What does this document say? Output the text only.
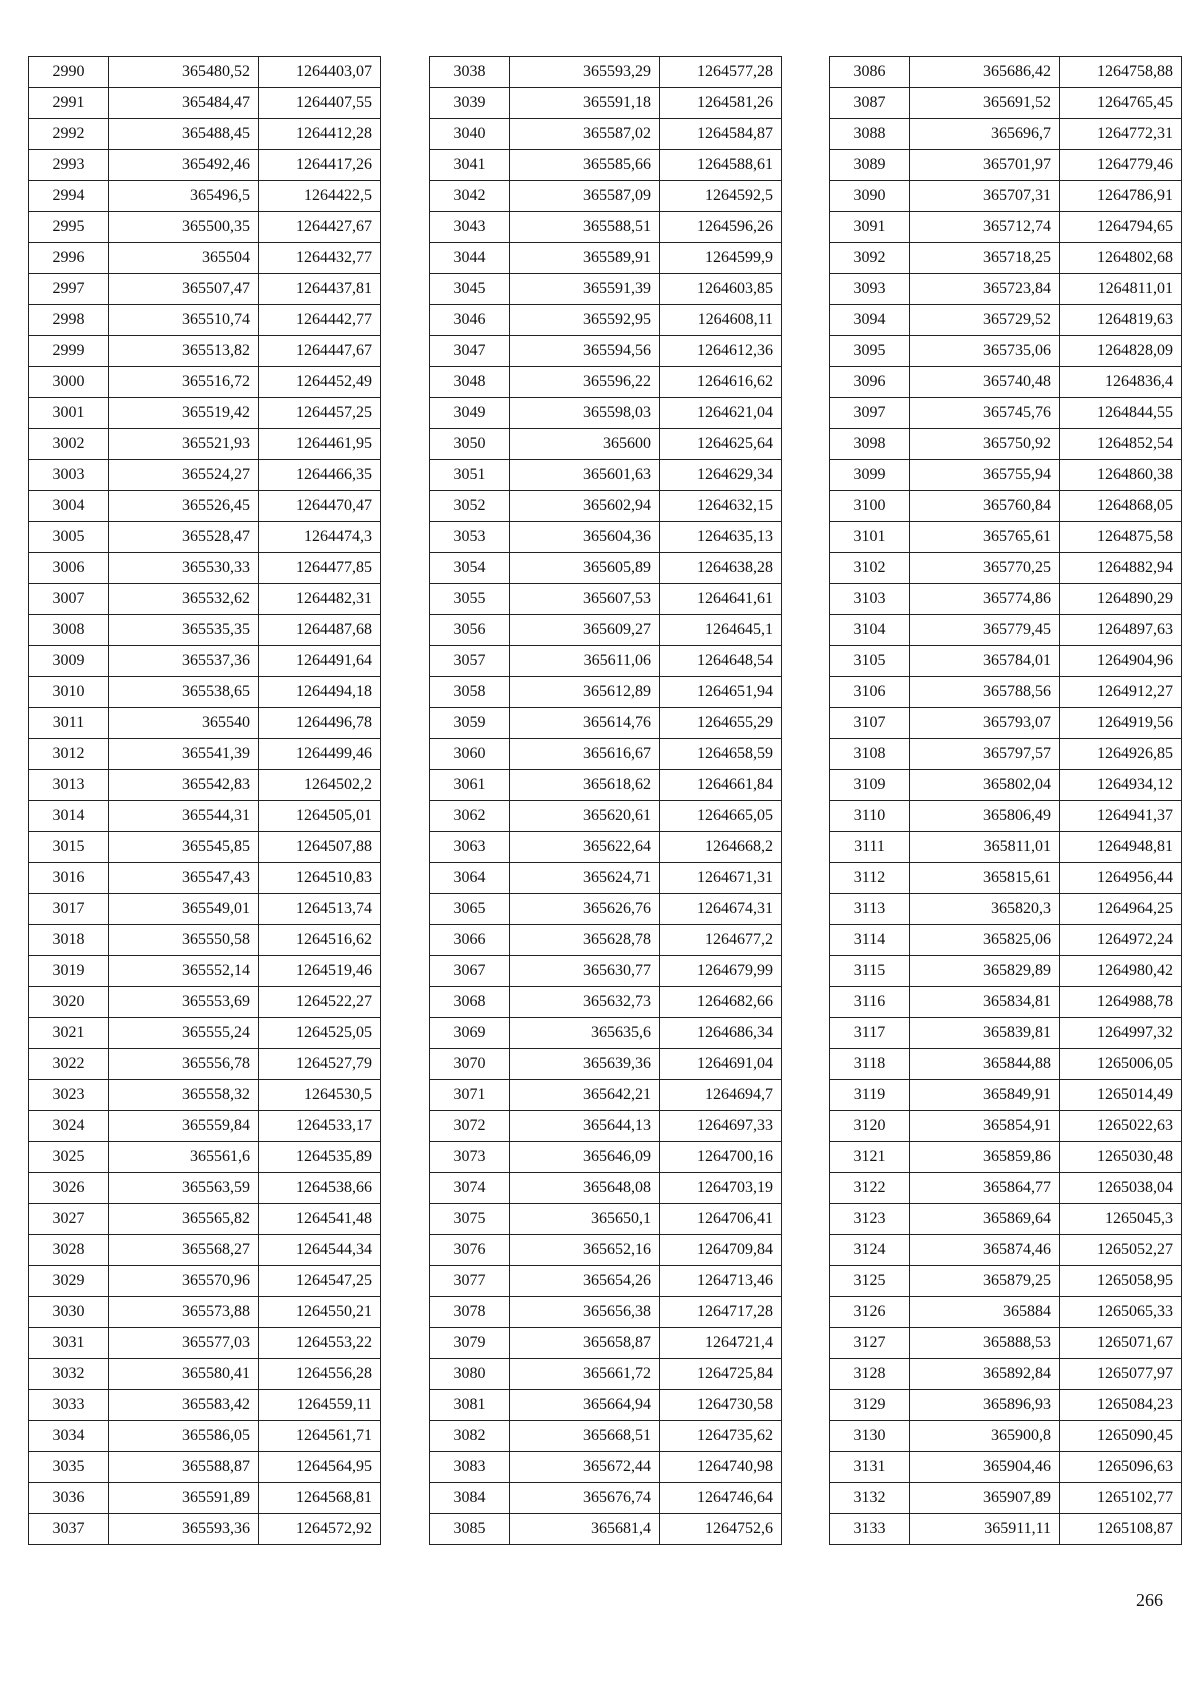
2990	365480,52	1264403,07
2991	365484,47	1264407,55
2992	365488,45	1264412,28
2993	365492,46	1264417,26
2994	365496,5	1264422,5
2995	365500,35	1264427,67
2996	365504	1264432,77
2997	365507,47	1264437,81
2998	365510,74	1264442,77
2999	365513,82	1264447,67
3000	365516,72	1264452,49
3001	365519,42	1264457,25
3002	365521,93	1264461,95
3003	365524,27	1264466,35
3004	365526,45	1264470,47
3005	365528,47	1264474,3
3006	365530,33	1264477,85
3007	365532,62	1264482,31
3008	365535,35	1264487,68
3009	365537,36	1264491,64
3010	365538,65	1264494,18
3011	365540	1264496,78
3012	365541,39	1264499,46
3013	365542,83	1264502,2
3014	365544,31	1264505,01
3015	365545,85	1264507,88
3016	365547,43	1264510,83
3017	365549,01	1264513,74
3018	365550,58	1264516,62
3019	365552,14	1264519,46
3020	365553,69	1264522,27
3021	365555,24	1264525,05
3022	365556,78	1264527,79
3023	365558,32	1264530,5
3024	365559,84	1264533,17
3025	365561,6	1264535,89
3026	365563,59	1264538,66
3027	365565,82	1264541,48
3028	365568,27	1264544,34
3029	365570,96	1264547,25
3030	365573,88	1264550,21
3031	365577,03	1264553,22
3032	365580,41	1264556,28
3033	365583,42	1264559,11
3034	365586,05	1264561,71
3035	365588,87	1264564,95
3036	365591,89	1264568,81
3037	365593,36	1264572,92
3038	365593,29	1264577,28
3039	365591,18	1264581,26
3040	365587,02	1264584,87
3041	365585,66	1264588,61
3042	365587,09	1264592,5
3043	365588,51	1264596,26
3044	365589,91	1264599,9
3045	365591,39	1264603,85
3046	365592,95	1264608,11
3047	365594,56	1264612,36
3048	365596,22	1264616,62
3049	365598,03	1264621,04
3050	365600	1264625,64
3051	365601,63	1264629,34
3052	365602,94	1264632,15
3053	365604,36	1264635,13
3054	365605,89	1264638,28
3055	365607,53	1264641,61
3056	365609,27	1264645,1
3057	365611,06	1264648,54
3058	365612,89	1264651,94
3059	365614,76	1264655,29
3060	365616,67	1264658,59
3061	365618,62	1264661,84
3062	365620,61	1264665,05
3063	365622,64	1264668,2
3064	365624,71	1264671,31
3065	365626,76	1264674,31
3066	365628,78	1264677,2
3067	365630,77	1264679,99
3068	365632,73	1264682,66
3069	365635,6	1264686,34
3070	365639,36	1264691,04
3071	365642,21	1264694,7
3072	365644,13	1264697,33
3073	365646,09	1264700,16
3074	365648,08	1264703,19
3075	365650,1	1264706,41
3076	365652,16	1264709,84
3077	365654,26	1264713,46
3078	365656,38	1264717,28
3079	365658,87	1264721,4
3080	365661,72	1264725,84
3081	365664,94	1264730,58
3082	365668,51	1264735,62
3083	365672,44	1264740,98
3084	365676,74	1264746,64
3085	365681,4	1264752,6
3086	365686,42	1264758,88
3087	365691,52	1264765,45
3088	365696,7	1264772,31
3089	365701,97	1264779,46
3090	365707,31	1264786,91
3091	365712,74	1264794,65
3092	365718,25	1264802,68
3093	365723,84	1264811,01
3094	365729,52	1264819,63
3095	365735,06	1264828,09
3096	365740,48	1264836,4
3097	365745,76	1264844,55
3098	365750,92	1264852,54
3099	365755,94	1264860,38
3100	365760,84	1264868,05
3101	365765,61	1264875,58
3102	365770,25	1264882,94
3103	365774,86	1264890,29
3104	365779,45	1264897,63
3105	365784,01	1264904,96
3106	365788,56	1264912,27
3107	365793,07	1264919,56
3108	365797,57	1264926,85
3109	365802,04	1264934,12
3110	365806,49	1264941,37
3111	365811,01	1264948,81
3112	365815,61	1264956,44
3113	365820,3	1264964,25
3114	365825,06	1264972,24
3115	365829,89	1264980,42
3116	365834,81	1264988,78
3117	365839,81	1264997,32
3118	365844,88	1265006,05
3119	365849,91	1265014,49
3120	365854,91	1265022,63
3121	365859,86	1265030,48
3122	365864,77	1265038,04
3123	365869,64	1265045,3
3124	365874,46	1265052,27
3125	365879,25	1265058,95
3126	365884	1265065,33
3127	365888,53	1265071,67
3128	365892,84	1265077,97
3129	365896,93	1265084,23
3130	365900,8	1265090,45
3131	365904,46	1265096,63
3132	365907,89	1265102,77
3133	365911,11	1265108,87
266
